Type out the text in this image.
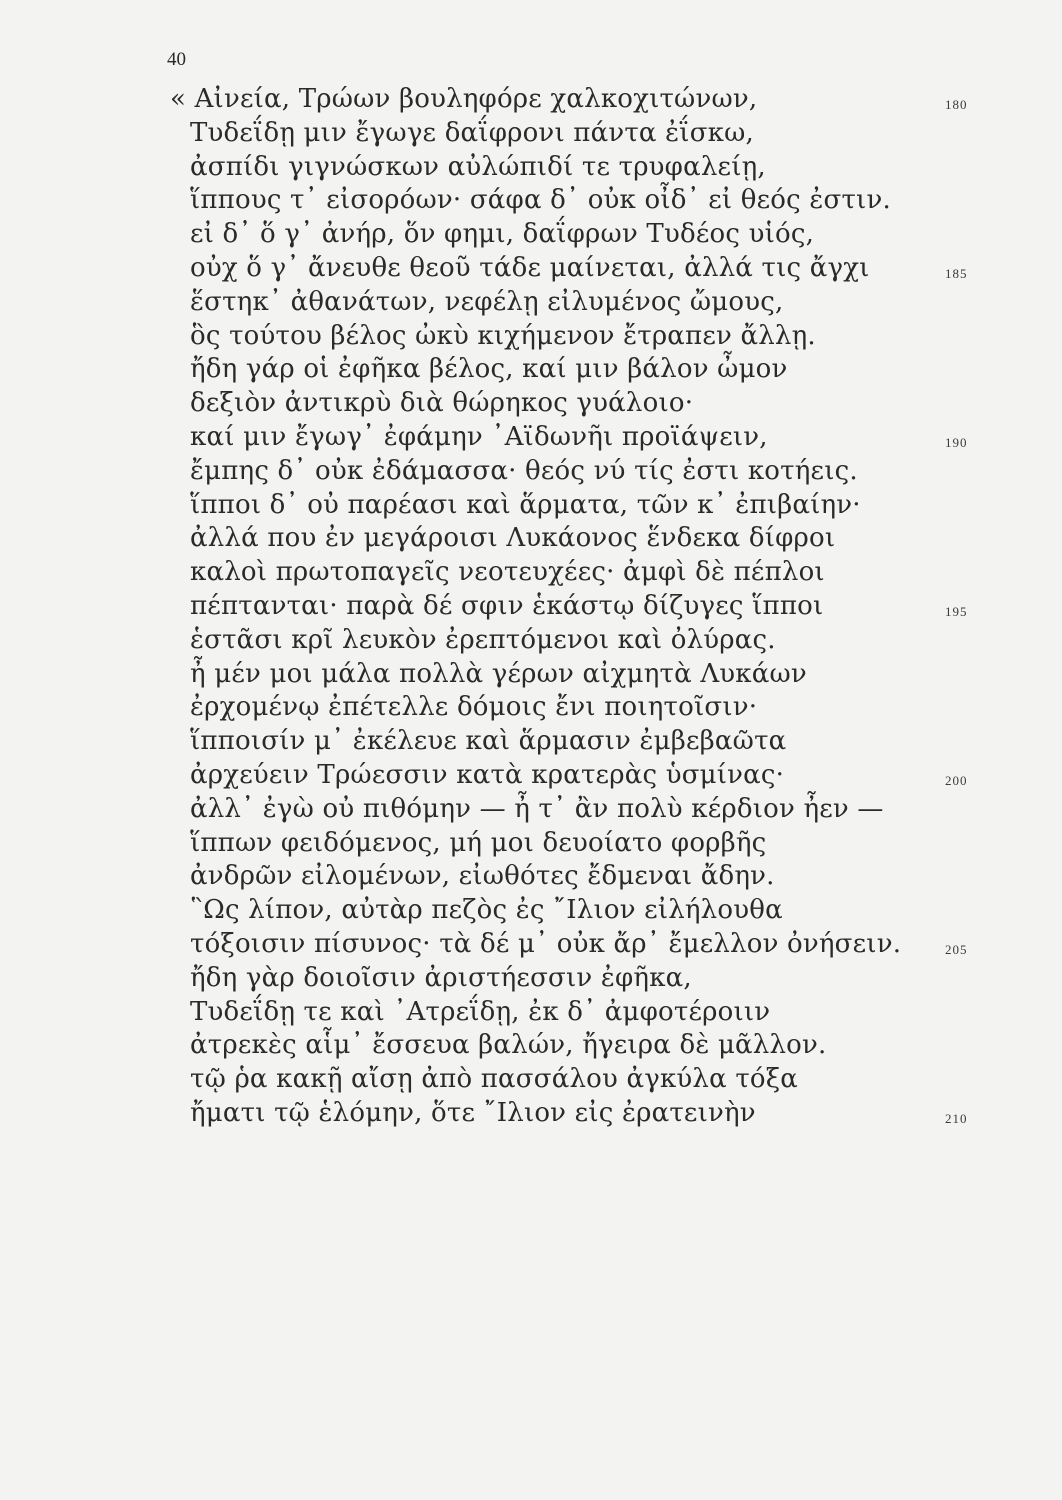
40
« Αἰνεία, Τρώων βουληφόρε χαλκοχιτώνων,	180
Τυδεΐδῃ μιν ἔγωγε δαΐφρονι πάντα ἐΐσκω,
ἀσπίδι γιγνώσκων αὐλώπιδί τε τρυφαλείῃ,
ἵππους τ᾽ εἰσορόων· σάφα δ᾽ οὐκ οἶδ᾽ εἰ θεός ἐστιν.
εἰ δ᾽ ὅ γ᾽ ἀνήρ, ὅν φημι, δαΐφρων Τυδέος υἱός,
οὐχ ὅ γ᾽ ἄνευθε θεοῦ τάδε μαίνεται, ἀλλά τις ἄγχι	185
ἕστηκ᾽ ἀθανάτων, νεφέλῃ εἰλυμένος ὤμους,
ὃς τούτου βέλος ὠκὺ κιχήμενον ἔτραπεν ἄλλῃ.
ἤδη γάρ οἱ ἐφῆκα βέλος, καί μιν βάλον ὦμον
δεξιὸν ἀντικρὺ διὰ θώρηκος γυάλοιο·
καί μιν ἔγωγ᾽ ἐφάμην ᾽Αϊδωνῆι προϊάψειν,	190
ἔμπης δ᾽ οὐκ ἐδάμασσα· θεός νύ τίς ἐστι κοτήεις.
ἵπποι δ᾽ οὐ παρέασι καὶ ἅρματα, τῶν κ᾽ ἐπιβαίην·
ἀλλά που ἐν μεγάροισι Λυκάονος ἕνδεκα δίφροι
καλοὶ πρωτοπαγεῖς νεοτευχέες· ἀμφὶ δὲ πέπλοι
πέπτανται· παρὰ δέ σφιν ἑκάστῳ δίζυγες ἵπποι	195
ἑστᾶσι κρῖ λευκὸν ἐρεπτόμενοι καὶ ὀλύρας.
ἦ μέν μοι μάλα πολλὰ γέρων αἰχμητὰ Λυκάων
ἐρχομένῳ ἐπέτελλε δόμοις ἔνι ποιητοῖσιν·
ἵπποισίν μ᾽ ἐκέλευε καὶ ἅρμασιν ἐμβεβαῶτα
ἀρχεύειν Τρώεσσιν κατὰ κρατερὰς ὑσμίνας·	200
ἀλλ᾽ ἐγὼ οὐ πιθόμην — ἦ τ᾽ ἂν πολὺ κέρδιον ἦεν —
ἵππων φειδόμενος, μή μοι δευοίατο φορβῆς
ἀνδρῶν εἰλομένων, εἰωθότες ἔδμεναι ἄδην.
῝Ως λίπον, αὐτὰρ πεζὸς ἐς ῎Ιλιον εἰλήλουθα
τόξοισιν πίσυνος· τὰ δέ μ᾽ οὐκ ἄρ᾽ ἔμελλον ὀνήσειν.	205
ἤδη γὰρ δοιοῖσιν ἀριστήεσσιν ἐφῆκα,
Τυδεΐδῃ τε καὶ ᾽Ατρεΐδῃ, ἐκ δ᾽ ἀμφοτέροιιν
ἀτρεκὲς αἷμ᾽ ἔσσευα βαλών, ἤγειρα δὲ μᾶλλον.
τῷ ῥα κακῇ αἴσῃ ἀπὸ πασσάλου ἀγκύλα τόξα
ἤματι τῷ ἑλόμην, ὅτε ῎Ιλιον εἰς ἐρατεινὴν	210
